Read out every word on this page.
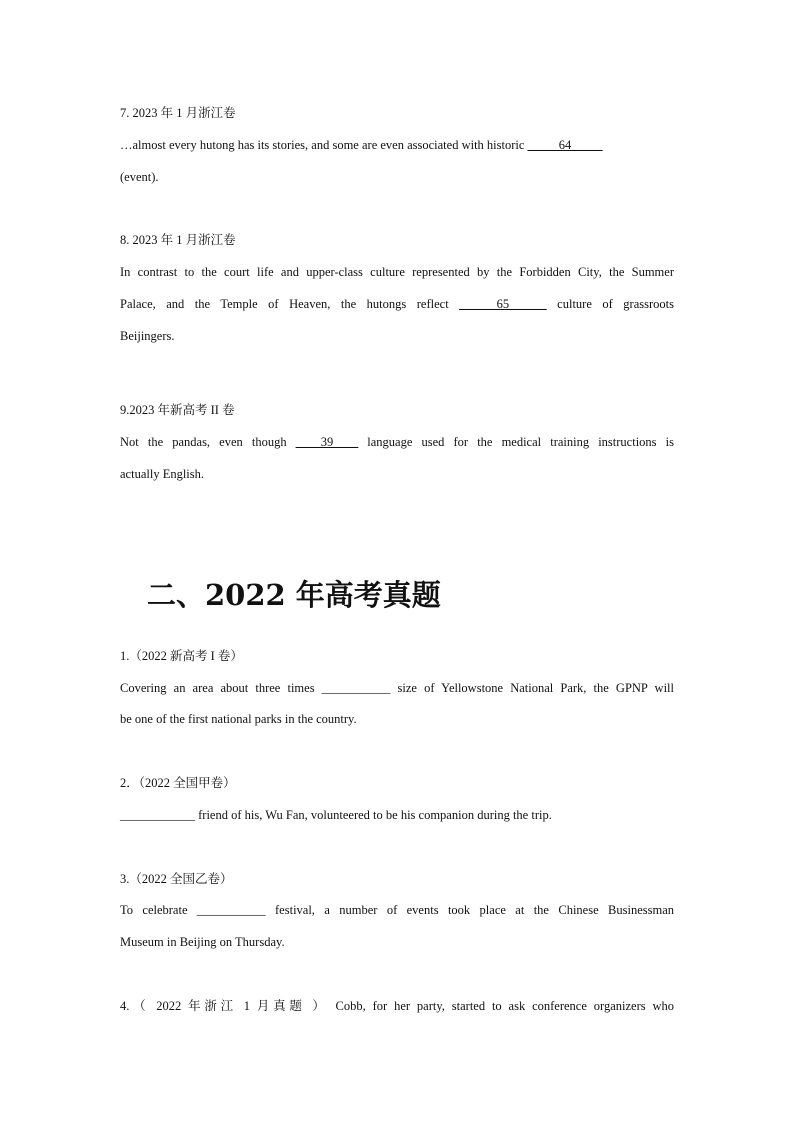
7. 2023 年 1 月浙江卷
…almost every hutong has its stories, and some are even associated with historic _____64_____
(event).
8. 2023 年 1 月浙江卷
In contrast to the court life and upper-class culture represented by the Forbidden City, the Summer
Palace, and the Temple of Heaven, the hutongs reflect ______65______ culture of grassroots
Beijingers.
9.2023 年新高考 II 卷
Not the pandas, even though ____39____ language used for the medical training instructions is
actually English.
二、2022 年高考真题
1.（2022 新高考 I 卷）
Covering an area about three times ___________ size of Yellowstone National Park, the GPNP will
be one of the first national parks in the country.
2．（2022 全国甲卷）
____________ friend of his, Wu Fan, volunteered to be his companion during the trip.
3.（2022 全国乙卷）
To celebrate ___________ festival, a number of events took place at the Chinese Businessman
Museum in Beijing on Thursday.
4.（ 2022 年浙江 1 月真题 ） Cobb, for her party, started to ask conference organizers who
